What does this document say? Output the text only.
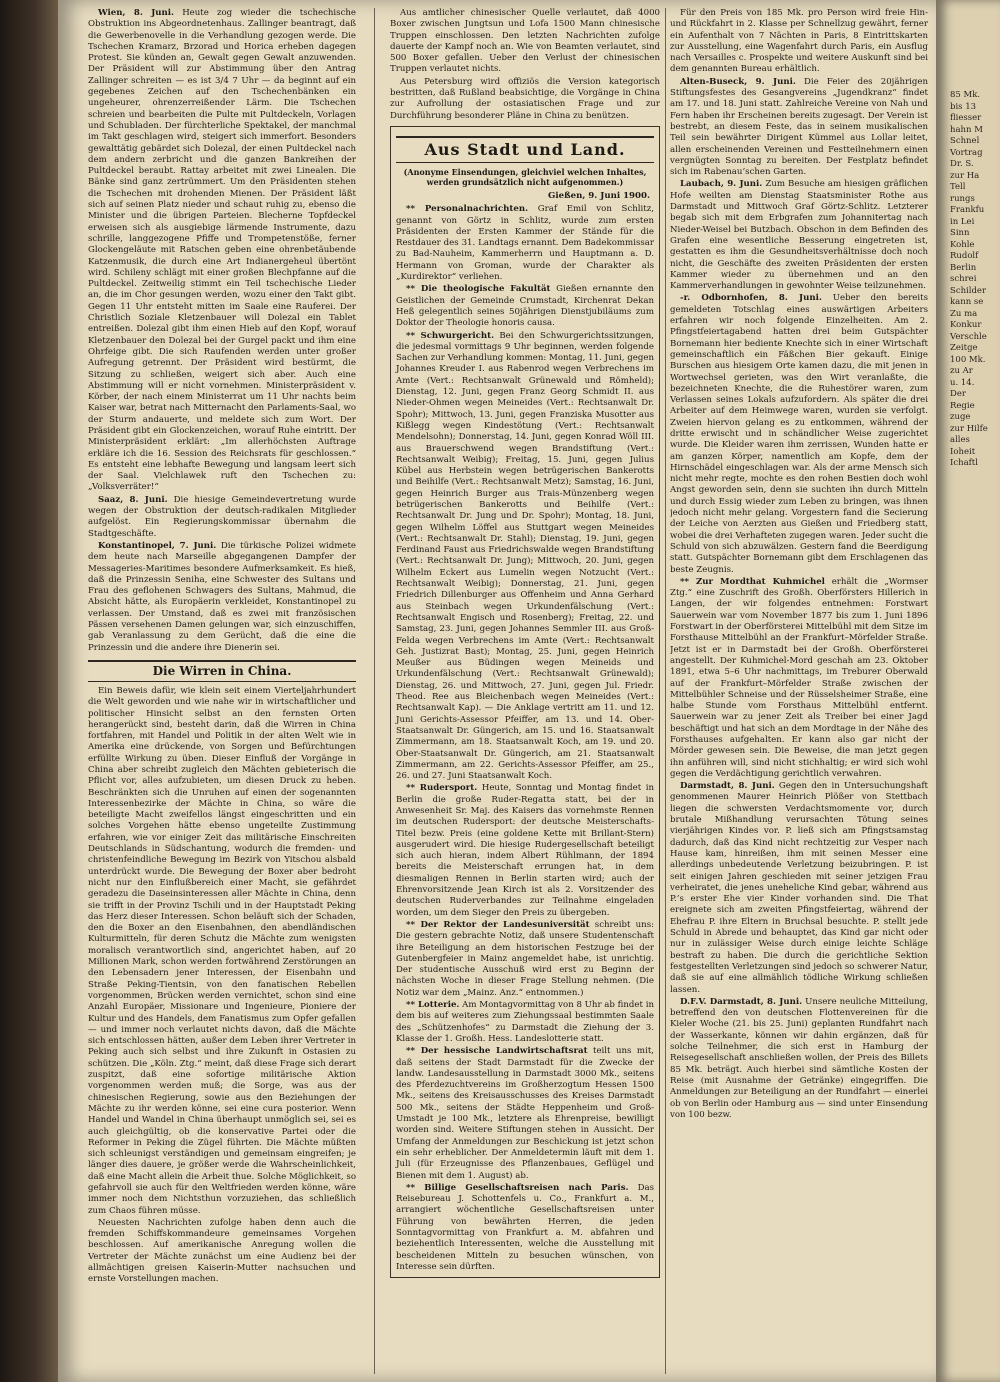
Wien, 8. Juni. Heute zog wieder die tschechische Obstruktion ins Abgeordnetenhaus. Zallinger beantragt, daß die Gewerbenovelle in die Verhandlung gezogen werde. Die Tschechen Kramarz, Brzorad und Horica erheben dagegen Protest. Sie künden an, Gewalt gegen Gewalt anzuwenden. Der Präsident will zur Abstimmung über den Antrag Zallinger schreiten — es ist 3/4 7 Uhr — da beginnt auf ein gegebenes Zeichen auf den Tschechenbänken ein ungeheurer, ohrenzerreißender Lärm. Die Tschechen schreien und bearbeiten die Pulte mit Pultdeckeln, Vorlagen und Schubladen. Der fürchterliche Spektakel, der manchmal im Takt geschlagen wird, steigert sich immerfort. Besonders gewalttätig gebärdet sich Dolezal, der einen Pultdeckel nach dem andern zerbricht und die ganzen Bankreihen der Pultdeckel beraubt. Rattay arbeitet mit zwei Linealen. Die Bänke sind ganz zertrümmert. Um den Präsidenten stehen die Tschechen mit drohenden Mienen. Der Präsident läßt sich auf seinen Platz nieder und schaut ruhig zu, ebenso die Minister und die übrigen Parteien. Blecherne Topfdeckel erweisen sich als ausgiebige lärmende Instrumente, dazu schrille, langgezogene Pfiffe und Trompetenstöße, ferner Glockengeläute mit Ratschen geben eine ohrenbetäubende Katzenmusik, die durch eine Art Indianergeheul übertönt wird. Schileny schlägt mit einer großen Blechpfanne auf die Pultdeckel. Zeitweilig stimmt ein Teil tschechische Lieder an, die im Chor gesungen werden, wozu einer den Takt gibt. Gegen 11 Uhr entsteht mitten im Saale eine Rauferei. Der Christlich Soziale Kletzenbauer will Dolezal ein Tablet entreißen. Dolezal gibt ihm einen Hieb auf den Kopf, worauf Kletzenbauer den Dolezal bei der Gurgel packt und ihm eine Ohrfeige gibt. Die sich Raufenden werden unter großer Aufregung getrennt. Der Präsident wird bestürmt, die Sitzung zu schließen, weigert sich aber. Auch eine Abstimmung will er nicht vornehmen. Ministerpräsident v. Körber, der nach einem Ministerrat um 11 Uhr nachts beim Kaiser war, betrat nach Mitternacht den Parlaments-Saal, wo der Sturm andauerte, und meldete sich zum Wort. Der Präsident gibt ein Glockenzeichen, worauf Ruhe eintritt. Der Ministerpräsident erklärt: „Im allerhöchsten Auftrage erkläre ich die 16. Session des Reichsrats für geschlossen.“ Es entsteht eine lebhafte Bewegung und langsam leert sich der Saal. Vielchlawek ruft den Tschechen zu: „Volksverräter!“

Saaz, 8. Juni. Die hiesige Gemeindevertretung wurde wegen der Obstruktion der deutsch-radikalen Mitglieder aufgelöst. Ein Regierungskommissar übernahm die Stadtgeschäfte.

Konstantinopel, 7. Juni. Die türkische Polizei widmete dem heute nach Marseille abgegangenen Dampfer der Messageries-Maritimes besondere Aufmerksamkeit. Es hieß, daß die Prinzessin Seniha, eine Schwester des Sultans und Frau des geflohenen Schwagers des Sultans, Mahmud, die Absicht hätte, als Europäerin verkleidet, Konstantinopel zu verlassen. Der Umstand, daß es zwei mit französischen Pässen versehenen Damen gelungen war, sich einzuschiffen, gab Veranlassung zu dem Gerücht, daß die eine die Prinzessin und die andere ihre Dienerin sei.

Die Wirren in China.

Ein Beweis dafür, wie klein seit einem Vierteljahrhundert die Welt geworden und wie nahe wir in wirtschaftlicher und politischer Hinsicht selbst an den fernsten Orten herangerückt sind, besteht darin, daß die Wirren in China fortfahren, mit Handel und Politik in der alten Welt wie in Amerika eine drückende, von Sorgen und Befürchtungen erfüllte Wirkung zu üben. Dieser Einfluß der Vorgänge in China aber schreibt zugleich den Mächten gebieterisch die Pflicht vor, alles aufzubieten, um diesen Druck zu heben. Beschränkten sich die Unruhen auf einen der sogenannten Interessenbezirke der Mächte in China, so wäre die beteiligte Macht zweifellos längst eingeschritten und ein solches Vorgehen hätte ebenso ungeteilte Zustimmung erfahren, wie vor einiger Zeit das militärische Einschreiten Deutschlands in Südschantung, wodurch die fremden- und christenfeindliche Bewegung im Bezirk von Yitschou alsbald unterdrückt wurde. Die Bewegung der Boxer aber bedroht nicht nur den Einflußbereich einer Macht, sie gefährdet geradezu die Daseinsinteressen aller Mächte in China, denn sie trifft in der Provinz Tschili und in der Hauptstadt Peking das Herz dieser Interessen. Schon beläuft sich der Schaden, den die Boxer an den Eisenbahnen, den abendländischen Kulturmitteln, für deren Schutz die Mächte zum wenigsten moralisch verantwortlich sind, angerichtet haben, auf 20 Millionen Mark, schon werden fortwährend Zerstörungen an den Lebensadern jener Interessen, der Eisenbahn und Straße Peking-Tientsin, von den fanatischen Rebellen vorgenommen, Brücken werden vernichtet, schon sind eine Anzahl Europäer, Missionare und Ingenieure, Pioniere der Kultur und des Handels, dem Fanatismus zum Opfer gefallen — und immer noch verlautet nichts davon, daß die Mächte sich entschlossen hätten, außer dem Leben ihrer Vertreter in Peking auch sich selbst und ihre Zukunft in Ostasien zu schützen. Die „Köln. Ztg.“ meint, daß diese Frage sich derart zuspitzt, daß eine sofortige militärische Aktion vorgenommen werden muß; die Sorge, was aus der chinesischen Regierung, sowie aus den Beziehungen der Mächte zu ihr werden könne, sei eine cura posterior. Wenn Handel und Wandel in China überhaupt unmöglich sei, sei es auch gleichgültig, ob die konservative Partei oder die Reformer in Peking die Zügel führten. Die Mächte müßten sich schleunigst verständigen und gemeinsam eingreifen; je länger dies dauere, je größer werde die Wahrscheinlichkeit, daß eine Macht allein die Arbeit thue. Solche Möglichkeit, so gefahrvoll sie auch für den Weltfrieden werden könne, wäre immer noch dem Nichtsthun vorzuziehen, das schließlich zum Chaos führen müsse.

Neuesten Nachrichten zufolge haben denn auch die fremden Schiffskommandeure gemeinsames Vorgehen beschlossen. Auf amerikanische Anregung wollen die Vertreter der Mächte zunächst um eine Audienz bei der allmächtigen greisen Kaiserin-Mutter nachsuchen und ernste Vorstellungen machen.

Aus amtlicher chinesischer Quelle verlautet, daß 4000 Boxer zwischen Jungtsun und Lofa 1500 Mann chinesische Truppen einschlossen. Den letzten Nachrichten zufolge dauerte der Kampf noch an. Wie von Beamten verlautet, sind 500 Boxer gefallen. Ueber den Verlust der chinesischen Truppen verlautet nichts.

Aus Petersburg wird offiziös die Version kategorisch bestritten, daß Rußland beabsichtige, die Vorgänge in China zur Aufrollung der ostasiatischen Frage und zur Durchführung besonderer Pläne in China zu benützen.

Aus Stadt und Land.

(Anonyme Einsendungen, gleichviel welchen Inhaltes, werden grundsätzlich nicht aufgenommen.)

Gießen, 9. Juni 1900.

** Personalnachrichten. Graf Emil von Schlitz, genannt von Görtz in Schlitz, wurde zum ersten Präsidenten der Ersten Kammer der Stände für die Restdauer des 31. Landtags ernannt. Dem Badekommissar zu Bad-Nauheim, Kammerherrn und Hauptmann a. D. Hermann von Groman, wurde der Charakter als „Kurdirektor“ verliehen.

** Die theologische Fakultät Gießen ernannte den Geistlichen der Gemeinde Crumstadt, Kirchenrat Dekan Heß gelegentlich seines 50jährigen Dienstjubiläums zum Doktor der Theologie honoris causa.

** Schwurgericht. Bei den Schwurgerichtssitzungen, die jedesmal vormittags 9 Uhr beginnen, werden folgende Sachen zur Verhandlung kommen: Montag, 11. Juni, gegen Johannes Kreuder I. aus Rabenrod wegen Verbrechens im Amte (Vert.: Rechtsanwalt Grünewald und Römheld); Dienstag, 12. Juni, gegen Franz Georg Schmidt II. aus Nieder-Ohmen wegen Meineides (Vert.: Rechtsanwalt Dr. Spohr); Mittwoch, 13. Juni, gegen Franziska Musotter aus Kißlegg wegen Kindestötung (Vert.: Rechtsanwalt Mendelsohn); Donnerstag, 14. Juni, gegen Konrad Wöll III. aus Brauerschwend wegen Brandstiftung (Vert.: Rechtsanwalt Weibig); Freitag, 15. Juni, gegen Julius Kübel aus Herbstein wegen betrügerischen Bankerotts und Beihilfe (Vert.: Rechtsanwalt Metz); Samstag, 16. Juni, gegen Heinrich Burger aus Trais-Münzenberg wegen betrügerischen Bankerotts und Beihilfe (Vert.: Rechtsanwalt Dr. Jung und Dr. Spohr); Montag, 18. Juni, gegen Wilhelm Löffel aus Stuttgart wegen Meineides (Vert.: Rechtsanwalt Dr. Stahl); Dienstag, 19. Juni, gegen Ferdinand Faust aus Friedrichswalde wegen Brandstiftung (Vert.: Rechtsanwalt Dr. Jung); Mittwoch, 20. Juni, gegen Wilhelm Eckert aus Lumelin wegen Notzucht (Vert.: Rechtsanwalt Weibig); Donnerstag, 21. Juni, gegen Friedrich Dillenburger aus Offenheim und Anna Gerhard aus Steinbach wegen Urkundenfälschung (Vert.: Rechtsanwalt Engisch und Rosenberg); Freitag, 22. und Samstag, 23. Juni, gegen Johannes Semmler III. aus Groß-Felda wegen Verbrechens im Amte (Vert.: Rechtsanwalt Geh. Justizrat Bast); Montag, 25. Juni, gegen Heinrich Meußer aus Büdingen wegen Meineids und Urkundenfälschung (Vert.: Rechtsanwalt Grünewald); Dienstag, 26. und Mittwoch, 27. Juni, gegen Jul. Friedr. Theod. Ree aus Bleichenbach wegen Meineides (Vert.: Rechtsanwalt Kap). — Die Anklage vertritt am 11. und 12. Juni Gerichts-Assessor Pfeiffer, am 13. und 14. Ober-Staatsanwalt Dr. Güngerich, am 15. und 16. Staatsanwalt Zimmermann, am 18. Staatsanwalt Koch, am 19. und 20. Ober-Staatsanwalt Dr. Güngerich, am 21. Staatsanwalt Zimmermann, am 22. Gerichts-Assessor Pfeiffer, am 25., 26. und 27. Juni Staatsanwalt Koch.

** Rudersport. Heute, Sonntag und Montag findet in Berlin die große Ruder-Regatta statt, bei der in Anwesenheit Sr. Maj. des Kaisers das vornehmste Rennen im deutschen Rudersport: der deutsche Meisterschafts-Titel bezw. Preis (eine goldene Kette mit Brillant-Stern) ausgerudert wird. Die hiesige Rudergesellschaft beteiligt sich auch hieran, indem Albert Rühlmann, der 1894 bereits die Meisterschaft errungen hat, in dem diesmaligen Rennen in Berlin starten wird; auch der Ehrenvorsitzende Jean Kirch ist als 2. Vorsitzender des deutschen Ruderverbandes zur Teilnahme eingeladen worden, um dem Sieger den Preis zu übergeben.

** Der Rektor der Landesuniversität schreibt uns: Die gestern gebrachte Notiz, daß unsere Studentenschaft ihre Beteiligung an dem historischen Festzuge bei der Gutenbergfeier in Mainz angemeldet habe, ist unrichtig. Der studentische Ausschuß wird erst zu Beginn der nächsten Woche in dieser Frage Stellung nehmen. (Die Notiz war dem „Mainz. Anz.“ entnommen.)

** Lotterie. Am Montagvormittag von 8 Uhr ab findet in dem bis auf weiteres zum Ziehungssaal bestimmten Saale des „Schützenhofes“ zu Darmstadt die Ziehung der 3. Klasse der 1. Großh. Hess. Landeslotterie statt.

** Der hessische Landwirtschaftsrat teilt uns mit, daß seitens der Stadt Darmstadt für die Zwecke der landw. Landesausstellung in Darmstadt 3000 Mk., seitens des Pferdezuchtvereins im Großherzogtum Hessen 1500 Mk., seitens des Kreisausschusses des Kreises Darmstadt 500 Mk., seitens der Städte Heppenheim und Groß-Umstadt je 100 Mk., letztere als Ehrenpreise, bewilligt worden sind. Weitere Stiftungen stehen in Aussicht. Der Umfang der Anmeldungen zur Beschickung ist jetzt schon ein sehr erheblicher. Der Anmeldetermin läuft mit dem 1. Juli (für Erzeugnisse des Pflanzenbaues, Geflügel und Bienen mit dem 1. August) ab.

** Billige Gesellschaftsreisen nach Paris. Das Reisebureau J. Schottenfels u. Co., Frankfurt a. M., arrangiert wöchentliche Gesellschaftsreisen unter Führung von bewährten Herren, die jeden Sonntagvormittag von Frankfurt a. M. abfahren und beziehentlich Interessenten, welche die Ausstellung mit bescheidenen Mitteln zu besuchen wünschen, von Interesse sein dürften.

Für den Preis von 185 Mk. pro Person wird freie Hin- und Rückfahrt in 2. Klasse per Schnellzug gewährt, ferner ein Aufenthalt von 7 Nächten in Paris, 8 Eintrittskarten zur Ausstellung, eine Wagenfahrt durch Paris, ein Ausflug nach Versailles c. Prospekte und weitere Auskunft sind bei dem genannten Bureau erhältlich.

Alten-Buseck, 9. Juni. Die Feier des 20jährigen Stiftungsfestes des Gesangvereins „Jugendkranz“ findet am 17. und 18. Juni statt. Zahlreiche Vereine von Nah und Fern haben ihr Erscheinen bereits zugesagt. Der Verein ist bestrebt, an diesem Feste, das in seinem musikalischen Teil sein bewährter Dirigent Kümmel aus Lollar leitet, allen erscheinenden Vereinen und Festteilnehmern einen vergnügten Sonntag zu bereiten. Der Festplatz befindet sich im Rabenau’schen Garten.

Laubach, 9. Juni. Zum Besuche am hiesigen gräflichen Hofe weilten am Dienstag Staatsminister Rothe aus Darmstadt und Mittwoch Graf Görtz-Schlitz. Letzterer begab sich mit dem Erbgrafen zum Johannitertag nach Nieder-Weisel bei Butzbach. Obschon in dem Befinden des Grafen eine wesentliche Besserung eingetreten ist, gestatten es ihm die Gesundheitsverhältnisse doch noch nicht, die Geschäfte des zweiten Präsidenten der ersten Kammer wieder zu übernehmen und an den Kammerverhandlungen in gewohnter Weise teilzunehmen.

-r. Odbornhofen, 8. Juni. Ueber den bereits gemeldeten Totschlag eines auswärtigen Arbeiters erfahren wir noch folgende Einzelheiten. Am 2. Pfingstfeiertagabend hatten drei beim Gutspächter Bornemann hier bediente Knechte sich in einer Wirtschaft gemeinschaftlich ein Fäßchen Bier gekauft. Einige Burschen aus hiesigem Orte kamen dazu, die mit jenen in Wortwechsel gerieten, was den Wirt veranlaßte, die bezeichneten Knechte, die die Ruhestörer waren, zum Verlassen seines Lokals aufzufordern. Als später die drei Arbeiter auf dem Heimwege waren, wurden sie verfolgt. Zweien hiervon gelang es zu entkommen, während der dritte erwischt und in schändlicher Weise zugerichtet wurde. Die Kleider waren ihm zerrissen, Wunden hatte er am ganzen Körper, namentlich am Kopfe, dem der Hirnschädel eingeschlagen war. Als der arme Mensch sich nicht mehr regte, mochte es den rohen Bestien doch wohl Angst geworden sein, denn sie suchten ihn durch Mitteln und durch Essig wieder zum Leben zu bringen, was ihnen jedoch nicht mehr gelang. Vorgestern fand die Secierung der Leiche von Aerzten aus Gießen und Friedberg statt, wobei die drei Verhafteten zugegen waren. Jeder sucht die Schuld von sich abzuwälzen. Gestern fand die Beerdigung statt. Gutspächter Bornemann gibt dem Erschlagenen das beste Zeugnis.

** Zur Mordthat Kuhmichel erhält die „Wormser Ztg.“ eine Zuschrift des Großh. Oberförsters Hillerich in Langen, der wir folgendes entnehmen: Forstwart Sauerwein war vom November 1877 bis zum 1. Juni 1896 Forstwart in der Oberförsterei Mittelbühl mit dem Sitze im Forsthause Mittelbühl an der Frankfurt–Mörfelder Straße. Jetzt ist er in Darmstadt bei der Großh. Oberförsterei angestellt. Der Kuhmichel-Mord geschah am 23. Oktober 1891, etwa 5–6 Uhr nachmittags, im Treburer Oberwald auf der Frankfurt–Mörfelder Straße zwischen der Mittelbühler Schneise und der Rüsselsheimer Straße, eine halbe Stunde vom Forsthaus Mittelbühl entfernt. Sauerwein war zu jener Zeit als Treiber bei einer Jagd beschäftigt und hat sich an dem Mordtage in der Nähe des Forsthauses aufgehalten. Er kann also gar nicht der Mörder gewesen sein. Die Beweise, die man jetzt gegen ihn anführen will, sind nicht stichhaltig; er wird sich wohl gegen die Verdächtigung gerichtlich verwahren.

Darmstadt, 8. Juni. Gegen den in Untersuchungshaft genommenen Maurer Heinrich Plößer von Stettbach liegen die schwersten Verdachtsmomente vor, durch brutale Mißhandlung verursachten Tötung seines vierjährigen Kindes vor. P. ließ sich am Pfingstsamstag dadurch, daß das Kind nicht rechtzeitig zur Vesper nach Hause kam, hinreißen, ihm mit seinen Messer eine allerdings unbedeutende Verletzung beizubringen. P. ist seit einigen Jahren geschieden mit seiner jetzigen Frau verheiratet, die jenes uneheliche Kind gebar, während aus P.’s erster Ehe vier Kinder vorhanden sind. Die That ereignete sich am zweiten Pfingstfeiertag, während der Ehefrau P. ihre Eltern in Bruchsal besuchte. P. stellt jede Schuld in Abrede und behauptet, das Kind gar nicht oder nur in zulässiger Weise durch einige leichte Schläge bestraft zu haben. Die durch die gerichtliche Sektion festgestellten Verletzungen sind jedoch so schwerer Natur, daß sie auf eine allmählich tödliche Wirkung schließen lassen.

D.F.V. Darmstadt, 8. Juni. Unsere neuliche Mitteilung, betreffend den von deutschen Flottenvereinen für die Kieler Woche (21. bis 25. Juni) geplanten Rundfahrt nach der Wasserkante, können wir dahin ergänzen, daß für solche Teilnehmer, die sich erst in Hamburg der Reisegesellschaft anschließen wollen, der Preis des Billets 85 Mk. beträgt. Auch hierbei sind sämtliche Kosten der Reise (mit Ausnahme der Getränke) eingegriffen. Die Anmeldungen zur Beteiligung an der Rundfahrt — einerlei ob von Berlin oder Hamburg aus — sind unter Einsendung von 100 bezw.

85 Mk.
bis 13
fliesser
hahn M
Schnel
Vortrag
Dr. S.
zur Ha
Tell
rungs
Frankfu
in Lei
Sinn
Kohle
Rudolf
Berlin
schrei
Schilder
kann se
Zu ma
Konkur
Verschle
Zeitge
100 Mk.
zu Ar
u. 14.
Der
Regie
zuge
zur Hilfe
alles
Ioheit
Ichaftl
